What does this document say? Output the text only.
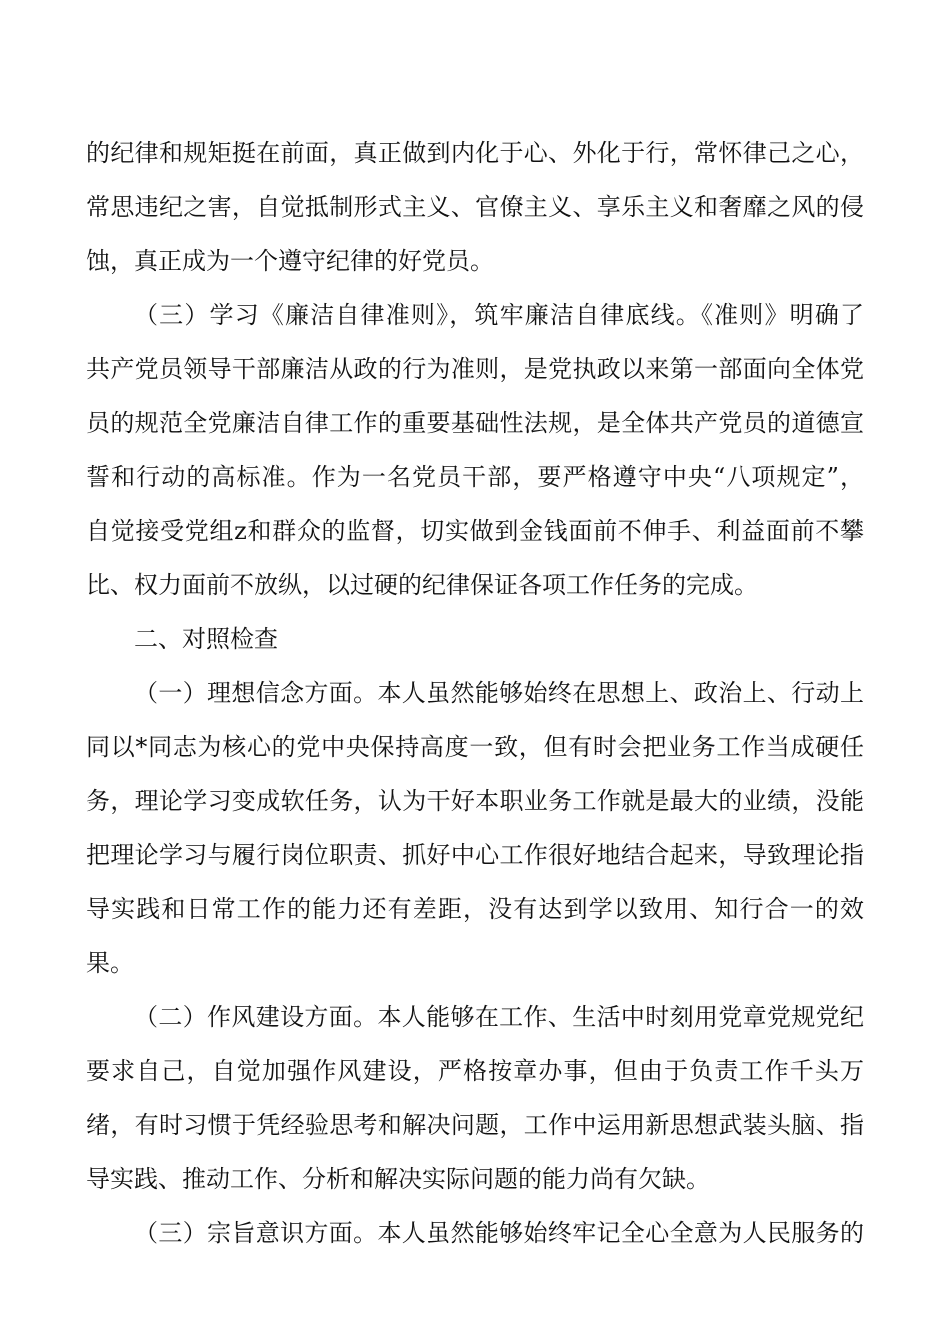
的纪律和规矩挺在前面，真正做到内化于心、外化于行，常怀律己之心，
常思违纪之害，自觉抵制形式主义、官僚主义、享乐主义和奢靡之风的侵
蚀，真正成为一个遵守纪律的好党员。
（三）学习《廉洁自律准则》，筑牢廉洁自律底线。《准则》明确了
共产党员领导干部廉洁从政的行为准则，是党执政以来第一部面向全体党
员的规范全党廉洁自律工作的重要基础性法规，是全体共产党员的道德宣
誓和行动的高标准。作为一名党员干部，要严格遵守中央“八项规定”，
自觉接受党组z和群众的监督，切实做到金钱面前不伸手、利益面前不攀
比、权力面前不放纵，以过硬的纪律保证各项工作任务的完成。
二、对照检查
（一）理想信念方面。本人虽然能够始终在思想上、政治上、行动上
同以*同志为核心的党中央保持高度一致，但有时会把业务工作当成硬任
务，理论学习变成软任务，认为干好本职业务工作就是最大的业绩，没能
把理论学习与履行岗位职责、抓好中心工作很好地结合起来，导致理论指
导实践和日常工作的能力还有差距，没有达到学以致用、知行合一的效
果。
（二）作风建设方面。本人能够在工作、生活中时刻用党章党规党纪
要求自己，自觉加强作风建设，严格按章办事，但由于负责工作千头万
绪，有时习惯于凭经验思考和解决问题，工作中运用新思想武装头脑、指
导实践、推动工作、分析和解决实际问题的能力尚有欠缺。
（三）宗旨意识方面。本人虽然能够始终牢记全心全意为人民服务的
